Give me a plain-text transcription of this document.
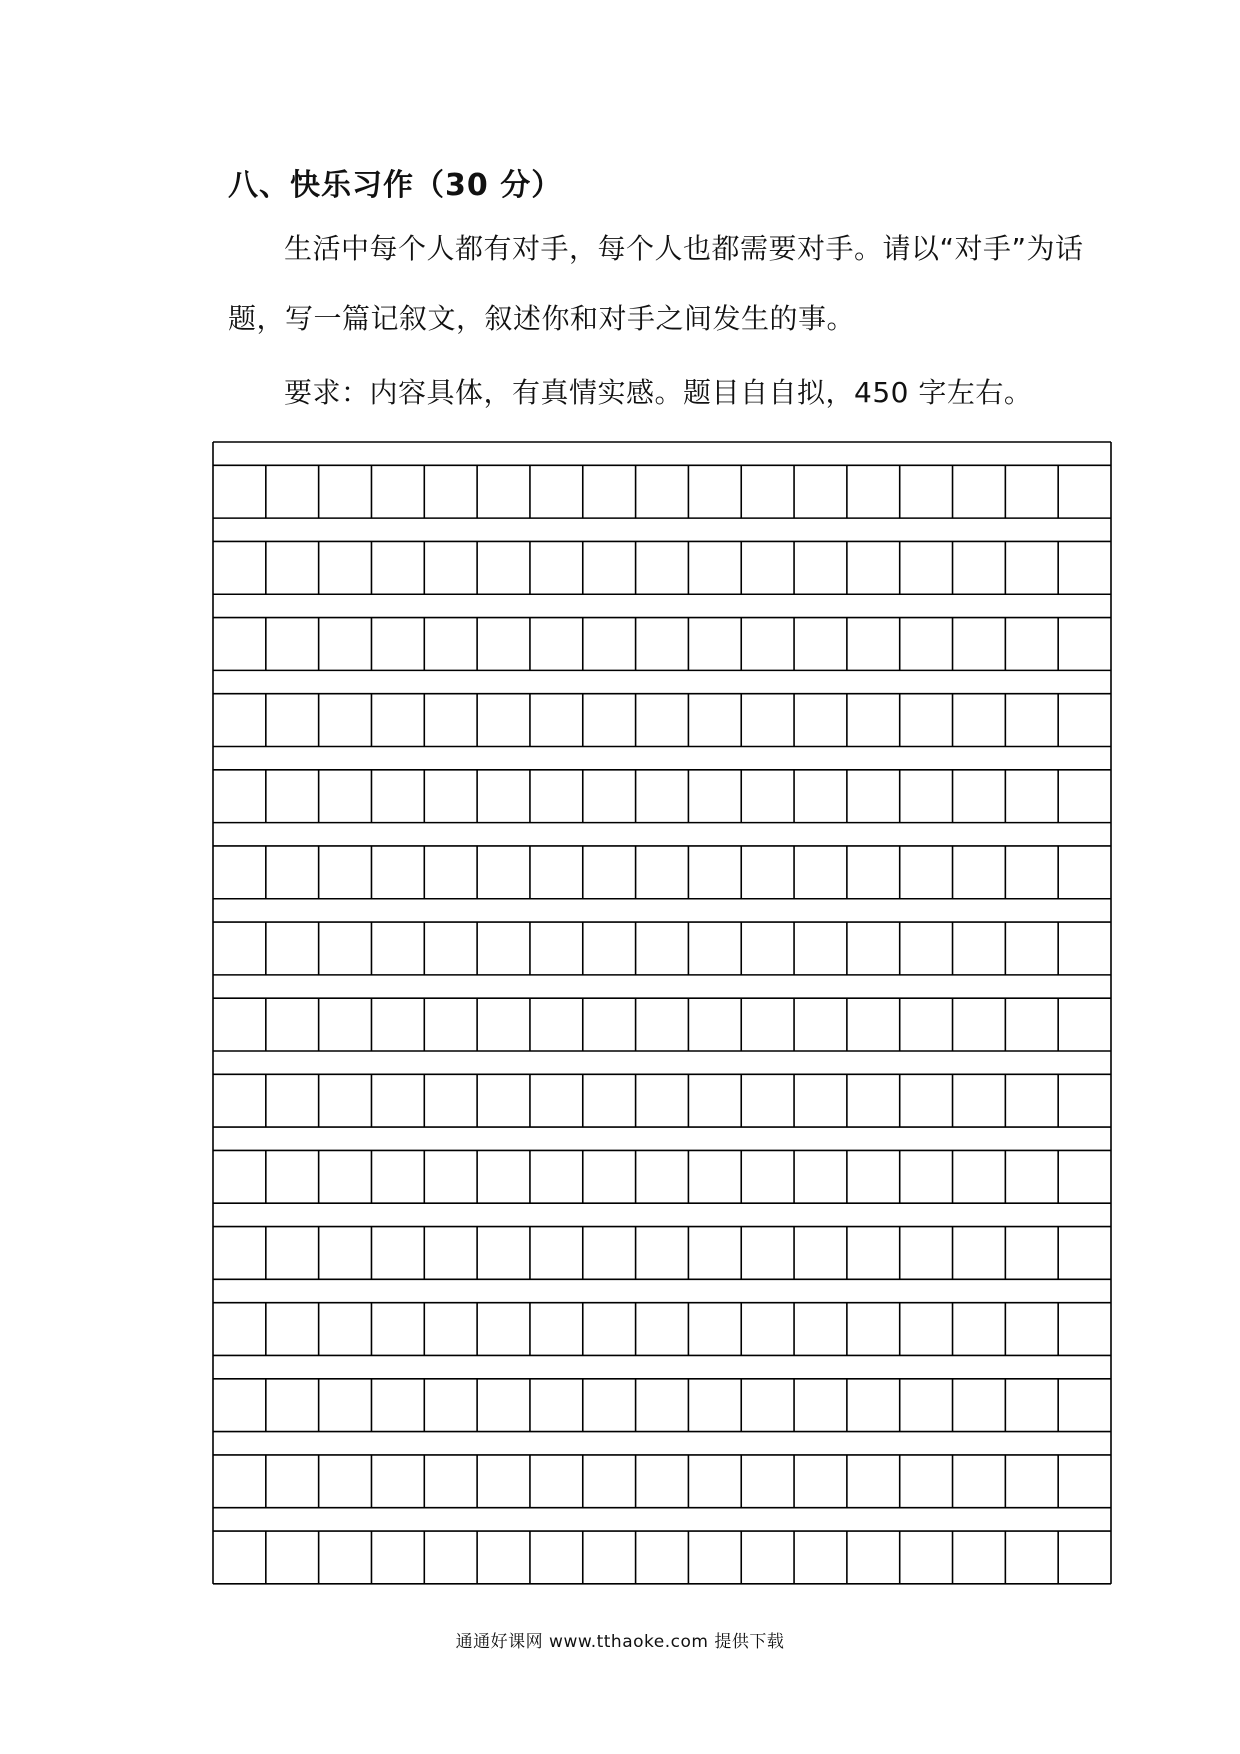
八、快乐习作（30 分）

生活中每个人都有对手，每个人也都需要对手。请以“对手”为话题，写一篇记叙文，叙述你和对手之间发生的事。

要求：内容具体，有真情实感。题目自自拟，450 字左右。

通通好课网 www.tthaoke.com 提供下载
